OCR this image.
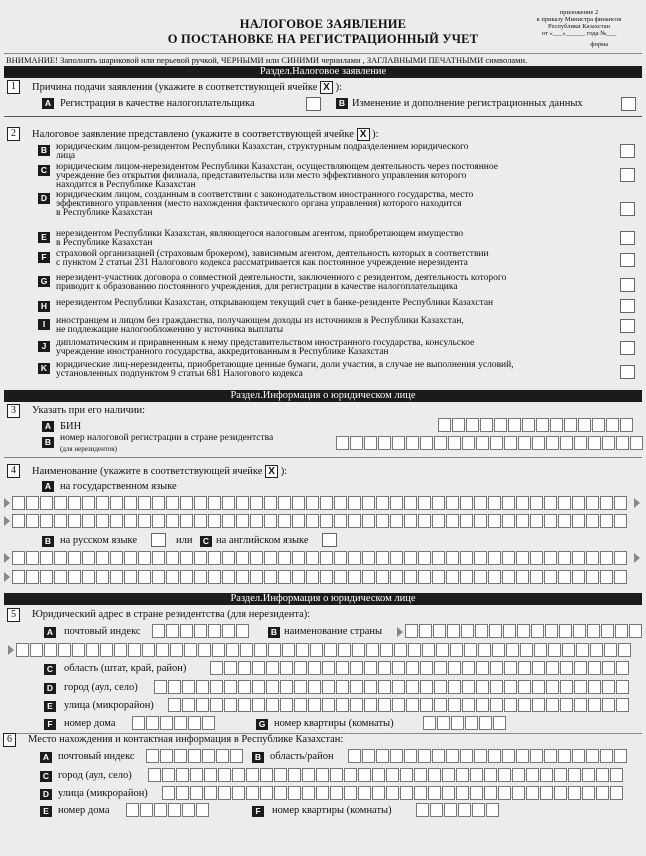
НАЛОГОВОЕ ЗАЯВЛЕНИЕ
О ПОСТАНОВКЕ НА РЕГИСТРАЦИОННЫЙ УЧЕТ
приложение 2
к приказу Министра финансов
Республики Казахстан
от «___»______ года №___
форма
ВНИМАНИЕ! Заполнять шариковой или перьевой ручкой, ЧЕРНЫМИ или СИНИМИ чернилами , ЗАГЛАВНЫМИ ПЕЧАТНЫМИ символами.
Раздел.Налоговое заявление
1	Причина подачи заявления (укажите в соответствующей ячейке X ):
A Регистрация в качестве налогоплательщика	B Изменение и дополнение регистрационных данных
2	Налоговое заявление представлено (укажите в соответствующей ячейке X ):
B юридическим лицом-резидентом Республики Казахстан, структурным подразделением юридического
лица
C юридическим лицом-нерезидентом Республики Казахстан, осуществляющем деятельность через постоянное
учреждение без открытия филиала, представительства или место эффективного управления которого
находится в Республике Казахстан
D юридическим лицом, созданным в соответствии с законодательством иностранного государства, место
эффективного управления (место нахождения фактического органа управления) которого находится
в Республике Казахстан
E нерезидентом Республики Казахстан, являющегося налоговым агентом, приобретающем имущество
в Республике Казахстан
F страховой организацией (страховым брокером), зависимым агентом, деятельность которых в соответствии
с пунктом 2 статьи 231 Налогового кодекса рассматривается как постоянное учреждение нерезидента
G нерезидент-участник договора о совместной деятельности, заключенного с резидентом, деятельность которого
приводит к образованию постоянного учреждения, для регистрации в качестве налогоплательщика
H нерезидентом Республики Казахстан, открывающем текущий счет в банке-резиденте Республики Казахстан
I	иностранцем и лицом без гражданства, получающем доходы из источников в Республики Казахстан,
не подлежащие налогообложению у источника выплаты
J	дипломатическим и приравненным к нему представительством иностранного государства, консульское
учреждение иностранного государства, аккредитованным в Республике Казахстан
K юридические лиц-нерезиденты, приобретающие ценные бумаги, доли участия, в случае не выполнения условий,
установленных подпунктом 9 статьи 681 Налогового кодекса
Раздел.Информация о юридическом лице
3	Указать при его наличии:
A БИН
B номер налоговой регистрации в стране резидентства
(для нерезидентов)
4	Наименование (укажите в соответствующей ячейке X ):
A на государственном языке
B на русском языке	или	C на английском языке
Раздел.Информация о юридическом лице
5	Юридический адрес в стране резидентства (для нерезидента):
A почтовый индекс	B наименование страны
C область (штат, край, район)
D город (аул, село)
E	улица (микрорайон)
F	номер дома	G номер квартиры (комнаты)
6	Место нахождения и контактная информация в Республике Казахстан:
A почтовый индекс	B область/район
C город (аул, село)
D улица (микрорайон)
E номер дома	F	номер квартиры (комнаты)
